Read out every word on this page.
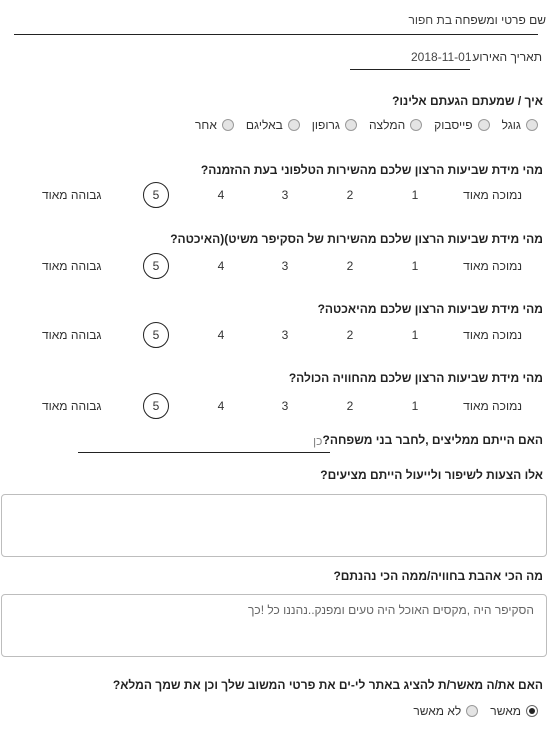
שם פרטי ומשפחה
בת חפור
תאריך האירוע
2018-11-01
איך / שמעתם הגעתם אלינו?
גוגל
פייסבוק
המלצה
גרופון
באליגם
אחר
מהי מידת שביעות הרצון שלכם מהשירות הטלפוני בעת ההזמנה?
נמוכה מאוד
1
2
3
4
5
גבוהה מאוד
מהי מידת שביעות הרצון שלכם מהשירות של הסקיפר משיט)(האיכטה?
נמוכה מאוד
1
2
3
4
5
גבוהה מאוד
מהי מידת שביעות הרצון שלכם מהיאכטה?
נמוכה מאוד
1
2
3
4
5
גבוהה מאוד
מהי מידת שביעות הרצון שלכם מהחוויה הכולה?
נמוכה מאוד
1
2
3
4
5
גבוהה מאוד
האם הייתם ממליצים ,לחבר בני משפחה?
כן
אלו הצעות לשיפור ולייעול הייתם מציעים?
מה הכי אהבת בחוויה/ממה הכי נהנתם?
הסקיפר היה ,מקסים האוכל היה טעים ומפנק..נהננו כל !כך
האם את/ה מאשר/ת להציג באתר לי-ים את פרטי המשוב שלך וכן את שמך המלא?
מאשר
לא מאשר
